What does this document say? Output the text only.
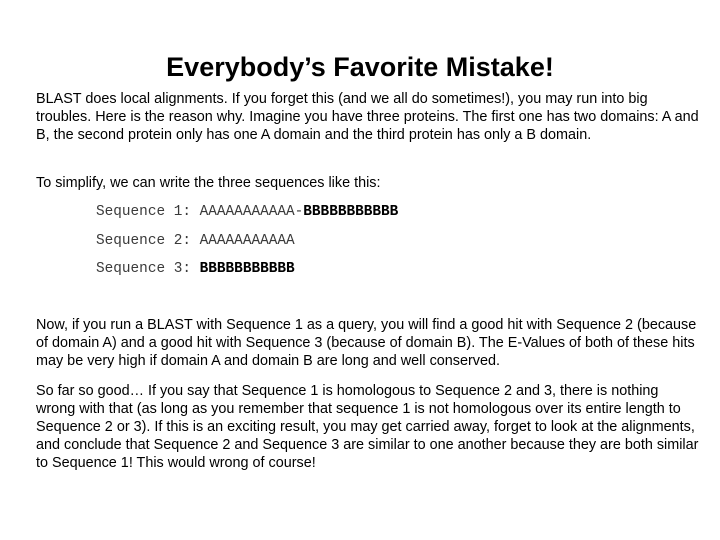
Everybody’s Favorite Mistake!

BLAST does local alignments. If you forget this (and we all do sometimes!), you may run into big troubles. Here is the reason why. Imagine you have three proteins. The first one has two domains: A and B, the second protein only has one A domain and the third protein has only a B domain.

To simplify, we can write the three sequences like this:

Sequence 1: AAAAAAAAAAA-BBBBBBBBBBB
Sequence 2: AAAAAAAAAAA
Sequence 3: BBBBBBBBBBB

Now, if you run a BLAST with Sequence 1 as a query, you will find a good hit with Sequence 2 (because of domain A) and a good hit with Sequence 3 (because of domain B). The E-Values of both of these hits may be very high if domain A and domain B are long and well conserved.

So far so good… If you say that Sequence 1 is homologous to Sequence 2 and 3, there is nothing wrong with that (as long as you remember that sequence 1 is not homologous over its entire length to Sequence 2 or 3). If this is an exciting result, you may get carried away, forget to look at the alignments, and conclude that Sequence 2 and Sequence 3 are similar to one another because they are both similar to Sequence 1! This would wrong of course!
